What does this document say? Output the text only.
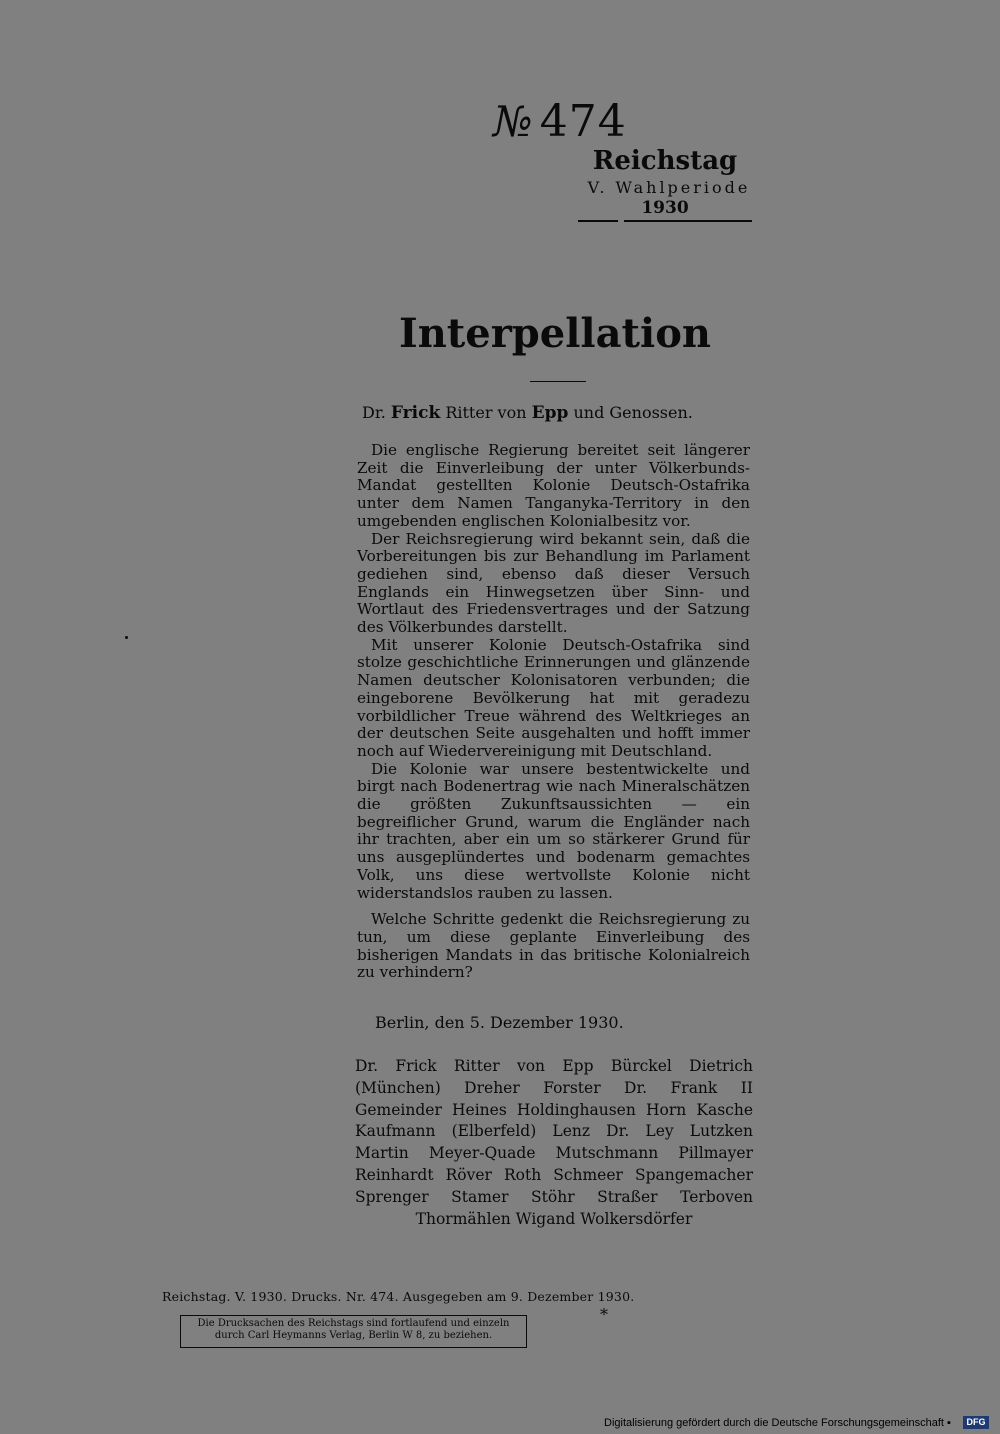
№ 474
Reichstag
V. Wahlperiode
1930
Interpellation
Dr. Frick Ritter von Epp und Genossen.

Die englische Regierung bereitet seit längerer Zeit die Einverleibung der unter Völkerbunds-Mandat gestellten Kolonie Deutsch-Ostafrika unter dem Namen Tanganyka-Territory in den umgebenden englischen Kolonialbesitz vor.

Der Reichsregierung wird bekannt sein, daß die Vorbereitungen bis zur Behandlung im Parlament gediehen sind, ebenso daß dieser Versuch Englands ein Hinwegsetzen über Sinn- und Wortlaut des Friedensvertrages und der Satzung des Völkerbundes darstellt.

Mit unserer Kolonie Deutsch-Ostafrika sind stolze geschichtliche Erinnerungen und glänzende Namen deutscher Kolonisatoren verbunden; die eingeborene Bevölkerung hat mit geradezu vorbildlicher Treue während des Weltkrieges an der deutschen Seite ausgehalten und hofft immer noch auf Wiedervereinigung mit Deutschland.

Die Kolonie war unsere bestentwickelte und birgt nach Bodenertrag wie nach Mineralschätzen die größten Zukunftsaussichten — ein begreiflicher Grund, warum die Engländer nach ihr trachten, aber ein um so stärkerer Grund für uns ausgeplündertes und bodenarm gemachtes Volk, uns diese wertvollste Kolonie nicht widerstandslos rauben zu lassen.

Welche Schritte gedenkt die Reichsregierung zu tun, um diese geplante Einverleibung des bisherigen Mandats in das britische Kolonialreich zu verhindern?

Berlin, den 5. Dezember 1930.
Dr. Frick Ritter von Epp Bürckel Dietrich
(München) Dreher Forster Dr. Frank II
Gemeinder Heines Holdinghausen Horn Kasche
Kaufmann (Elberfeld) Lenz Dr. Ley Lutzken
Martin Meyer-Quade Mutschmann Pillmayer
Reinhardt Röver Roth Schmeer Spangemacher
Sprenger Stamer Stöhr Straßer Terboven
Thormählen Wigand Wolkersdörfer
Reichstag. V. 1930. Drucks. Nr. 474. Ausgegeben am 9. Dezember 1930.
*
Die Drucksachen des Reichstags sind fortlaufend und einzeln
durch Carl Heymanns Verlag, Berlin W 8, zu beziehen.
Digitalisierung gefördert durch die Deutsche Forschungsgemeinschaft ▪	DFG
